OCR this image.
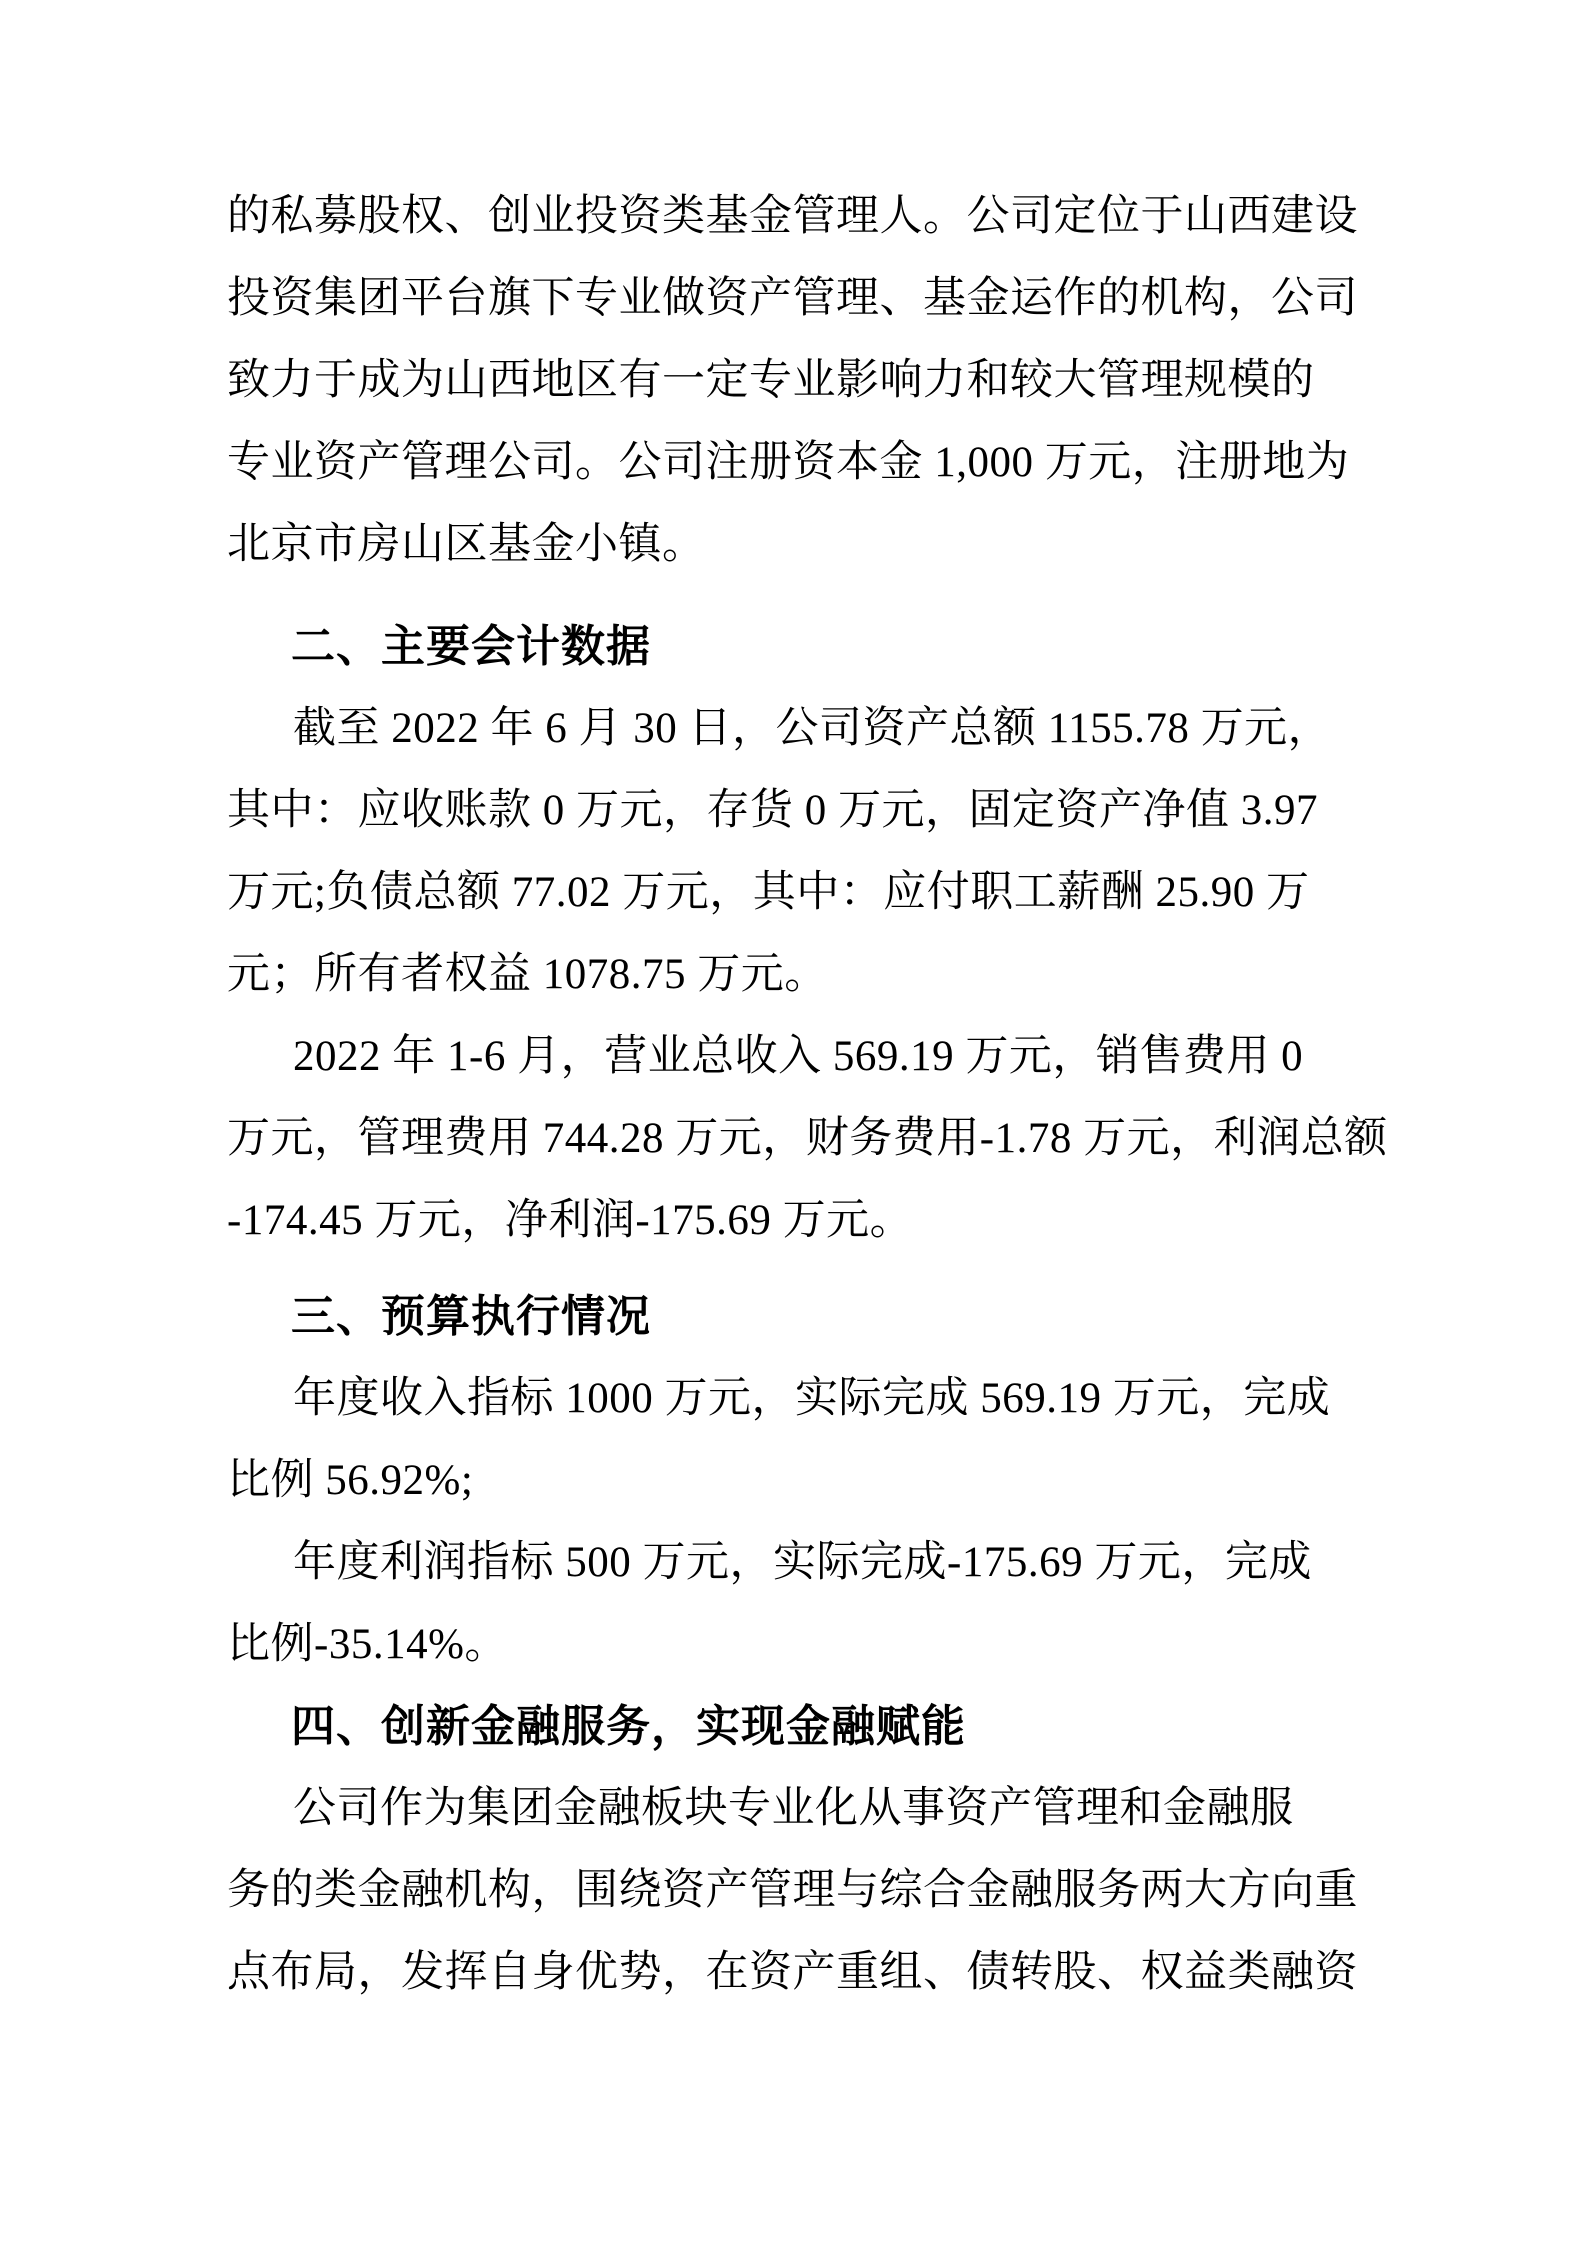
的私募股权、创业投资类基金管理人。公司定位于山西建设
投资集团平台旗下专业做资产管理、基金运作的机构，公司
致力于成为山西地区有一定专业影响力和较大管理规模的
专业资产管理公司。公司注册资本金 1,000 万元，注册地为
北京市房山区基金小镇。
二、主要会计数据
截至 2022 年 6 月 30 日，公司资产总额 1155.78 万元，
其中：应收账款 0 万元，存货 0 万元，固定资产净值 3.97
万元;负债总额 77.02 万元，其中：应付职工薪酬 25.90 万
元；所有者权益 1078.75 万元。
2022 年 1-6 月，营业总收入 569.19 万元，销售费用 0
万元，管理费用 744.28 万元，财务费用-1.78 万元，利润总额
-174.45 万元，净利润-175.69 万元。
三、预算执行情况
年度收入指标 1000 万元，实际完成 569.19 万元，完成
比例 56.92%;
年度利润指标 500 万元，实际完成-175.69 万元，完成
比例-35.14%。
四、创新金融服务，实现金融赋能
公司作为集团金融板块专业化从事资产管理和金融服
务的类金融机构，围绕资产管理与综合金融服务两大方向重
点布局，发挥自身优势，在资产重组、债转股、权益类融资
